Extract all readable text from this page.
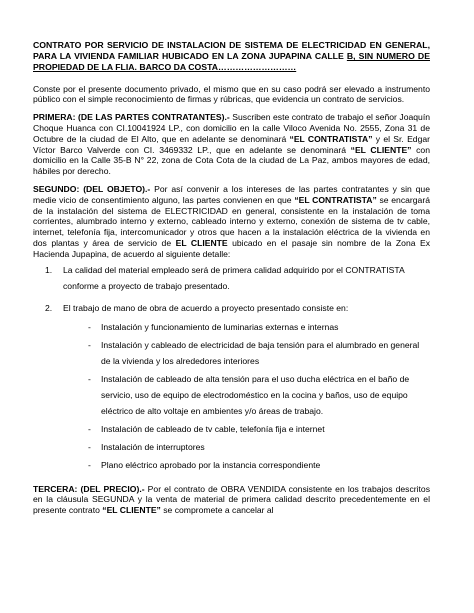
CONTRATO POR SERVICIO DE INSTALACION DE SISTEMA DE ELECTRICIDAD EN GENERAL, PARA LA VIVIENDA FAMILIAR HUBICADO EN LA ZONA JUPAPINA CALLE B, SIN NUMERO DE PROPIEDAD DE LA FLIA. BARCO DA COSTA………………………

Conste por el presente documento privado, el mismo que en su caso podrá ser elevado a instrumento público con el simple reconocimiento de firmas y rúbricas, que evidencia un contrato de servicios.

PRIMERA: (DE LAS PARTES CONTRATANTES).- Suscriben este contrato de trabajo el señor Joaquín Choque Huanca con CI.10041924 LP., con domicilio en la calle Viloco Avenida No. 2555, Zona 31 de Octubre de la ciudad de El Alto, que en adelante se denominará “EL CONTRATISTA” y el Sr. Edgar Víctor Barco Valverde con CI. 3469332 LP., que en adelante se denominará “EL CLIENTE” con domicilio en la Calle 35-B N° 22, zona de Cota Cota de la ciudad de La Paz, ambos mayores de edad, hábiles por derecho.

SEGUNDO: (DEL OBJETO).- Por así convenir a los intereses de las partes contratantes y sin que medie vicio de consentimiento alguno, las partes convienen en que “EL CONTRATISTA” se encargará de la instalación del sistema de ELECTRICIDAD en general, consistente en la instalación de toma corrientes, alumbrado interno y externo, cableado interno y externo, conexión de sistema de tv cable, internet, telefonía fija, intercomunicador y otros que hacen a la instalación eléctrica de la vivienda en dos plantas y área de servicio de EL CLIENTE ubicado en el pasaje sin nombre de la Zona Ex Hacienda Jupapina, de acuerdo al siguiente detalle:

1. La calidad del material empleado será de primera calidad adquirido por el CONTRATISTA conforme a proyecto de trabajo presentado.
2. El trabajo de mano de obra de acuerdo a proyecto presentado consiste en:
- Instalación y funcionamiento de luminarias externas e internas
- Instalación y cableado de electricidad de baja tensión para el alumbrado en general de la vivienda y los alrededores interiores
- Instalación de cableado de alta tensión para el uso ducha eléctrica en el baño de servicio, uso de equipo de electrodoméstico en la cocina y baños, uso de equipo eléctrico de alto voltaje en ambientes y/o áreas de trabajo.
- Instalación de cableado de tv cable, telefonía fija e internet
- Instalación de interruptores
- Plano eléctrico aprobado por la instancia correspondiente

TERCERA: (DEL PRECIO).- Por el contrato de OBRA VENDIDA consistente en los trabajos descritos en la cláusula SEGUNDA y la venta de material de primera calidad descrito precedentemente en el presente contrato “EL CLIENTE” se compromete a cancelar al
